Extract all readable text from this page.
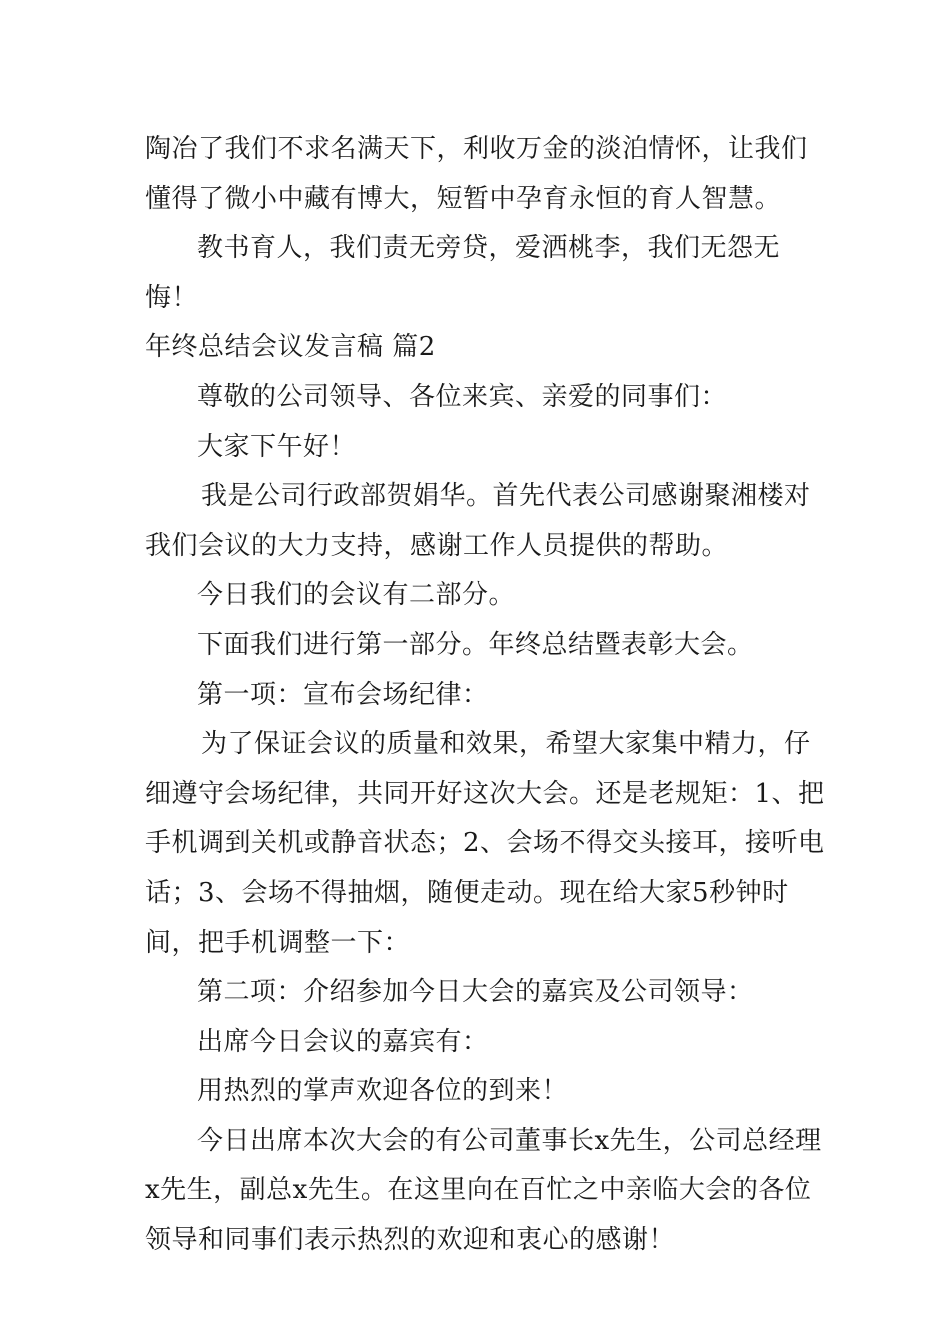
陶冶了我们不求名满天下，利收万金的淡泊情怀，让我们懂得了微小中藏有博大，短暂中孕育永恒的育人智慧。

教书育人，我们责无旁贷，爱洒桃李，我们无怨无悔！

年终总结会议发言稿 篇2

尊敬的公司领导、各位来宾、亲爱的同事们：

大家下午好！

我是公司行政部贺娟华。首先代表公司感谢聚湘楼对我们会议的大力支持，感谢工作人员提供的帮助。

今日我们的会议有二部分。

下面我们进行第一部分。年终总结暨表彰大会。

第一项：宣布会场纪律：

为了保证会议的质量和效果，希望大家集中精力，仔细遵守会场纪律，共同开好这次大会。还是老规矩：1、把手机调到关机或静音状态；2、会场不得交头接耳，接听电话；3、会场不得抽烟，随便走动。现在给大家5秒钟时间，把手机调整一下：

第二项：介绍参加今日大会的嘉宾及公司领导：

出席今日会议的嘉宾有：

用热烈的掌声欢迎各位的到来！

今日出席本次大会的有公司董事长x先生，公司总经理x先生，副总x先生。在这里向在百忙之中亲临大会的各位领导和同事们表示热烈的欢迎和衷心的感谢！
